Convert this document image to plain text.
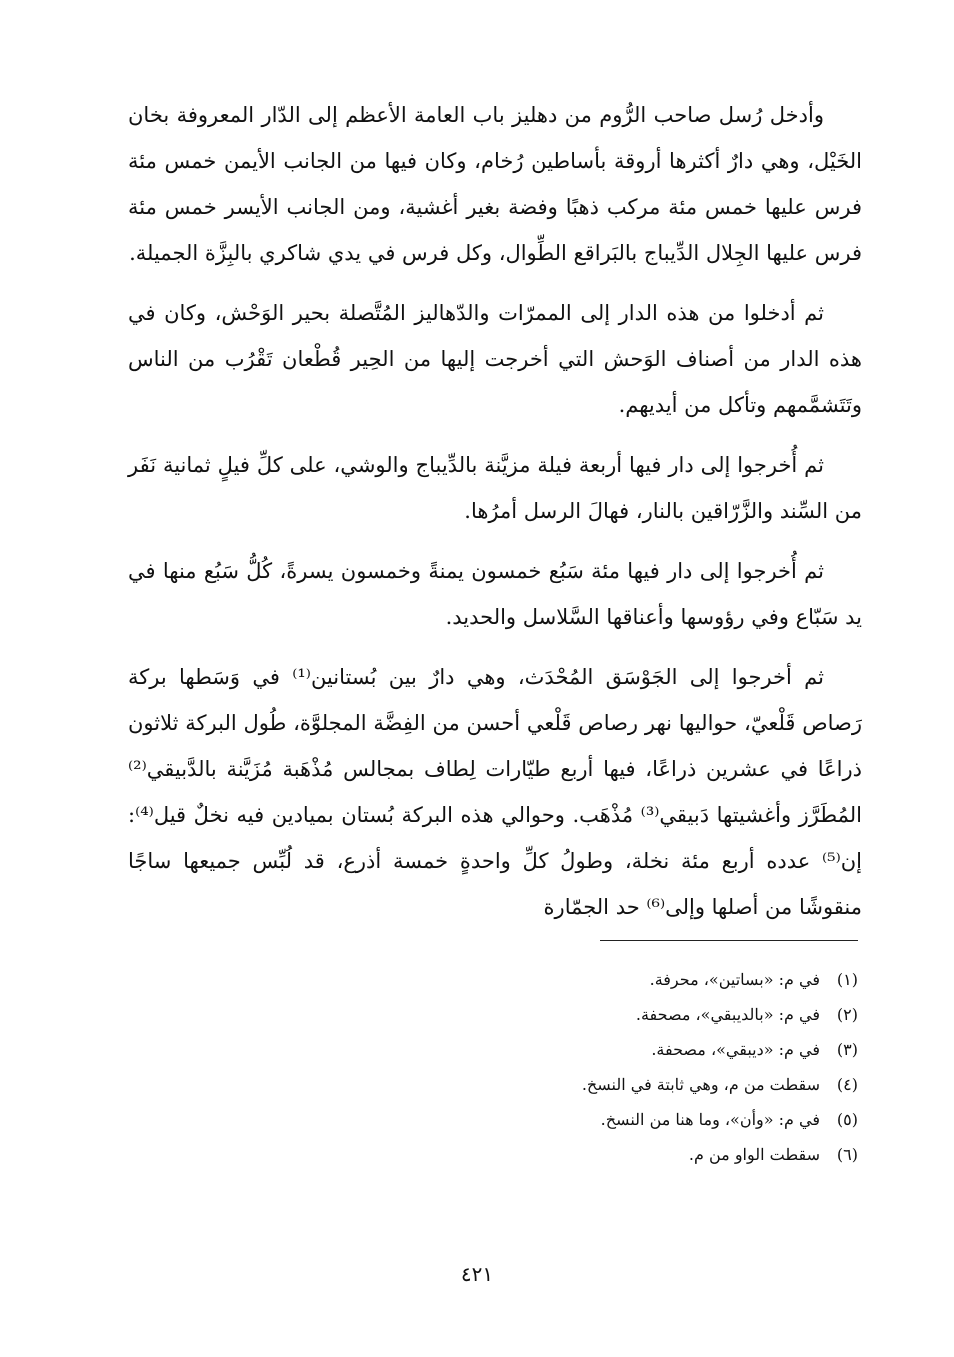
وأدخل رُسل صاحب الرُّوم من دهليز باب العامة الأعظم إلى الدّار المعروفة بخان الخَيْل، وهي دارٌ أكثرها أروقة بأساطين رُخام، وكان فيها من الجانب الأيمن خمس مئة فرس عليها خمس مئة مركب ذهبًا وفضة بغير أغشية، ومن الجانب الأيسر خمس مئة فرس عليها الجِلال الدِّيباج بالبَراقع الطِّوال، وكل فرس في يدي شاكري بالبِزَّة الجميلة.

ثم أدخلوا من هذه الدار إلى الممرّات والدّهاليز المُتَّصلة بحير الوَحْش، وكان في هذه الدار من أصناف الوَحش التي أخرجت إليها من الحِير قُطْعان تَقْرُب من الناس وتَتَشمَّمهم وتأكل من أيديهم.

ثم أُخرجوا إلى دار فيها أربعة فيلة مزيَّنة بالدِّيباج والوشي، على كلِّ فيلٍ ثمانية نَفَر من السِّند والزَّرّاقين بالنار، فهالَ الرسل أمرُها.

ثم أُخرجوا إلى دار فيها مئة سَبُع خمسون يمنةً وخمسون يسرةً، كُلُّ سَبُع منها في يد سَبّاع وفي رؤوسها وأعناقها السَّلاسل والحديد.

ثم أخرجوا إلى الجَوْسَق المُحْدَث، وهي دارٌ بين بُستانين⁽¹⁾ في وَسَطها بركة رَصاص قَلْعيّ، حواليها نهر رصاص قَلْعي أحسن من الفِضَّة المجلوَّة، طُول البركة ثلاثون ذراعًا في عشرين ذراعًا، فيها أربع طيّارات لِطاف بمجالس مُذْهَبة مُزَيَّنة بالدَّبيقي⁽²⁾ المُطَرَّز وأغشيتها دَبيقي⁽³⁾ مُذْهَب. وحوالي هذه البركة بُستان بميادين فيه نخلٌ قيل⁽⁴⁾: إن⁽⁵⁾ عدده أربع مئة نخلة، وطولُ كلِّ واحدةٍ خمسة أذرع، قد لُبِّس جميعها ساجًا منقوشًا من أصلها وإلى⁽⁶⁾ حد الجمّارة

(١)في م: «بساتين»، محرفة.
(٢)في م: «بالديبقي»، مصحفة.
(٣)في م: «ديبقي»، مصحفة.
(٤)سقطت من م، وهي ثابتة في النسخ.
(٥)في م: «وأن»، وما هنا من النسخ.
(٦)سقطت الواو من م.
٤٢١
